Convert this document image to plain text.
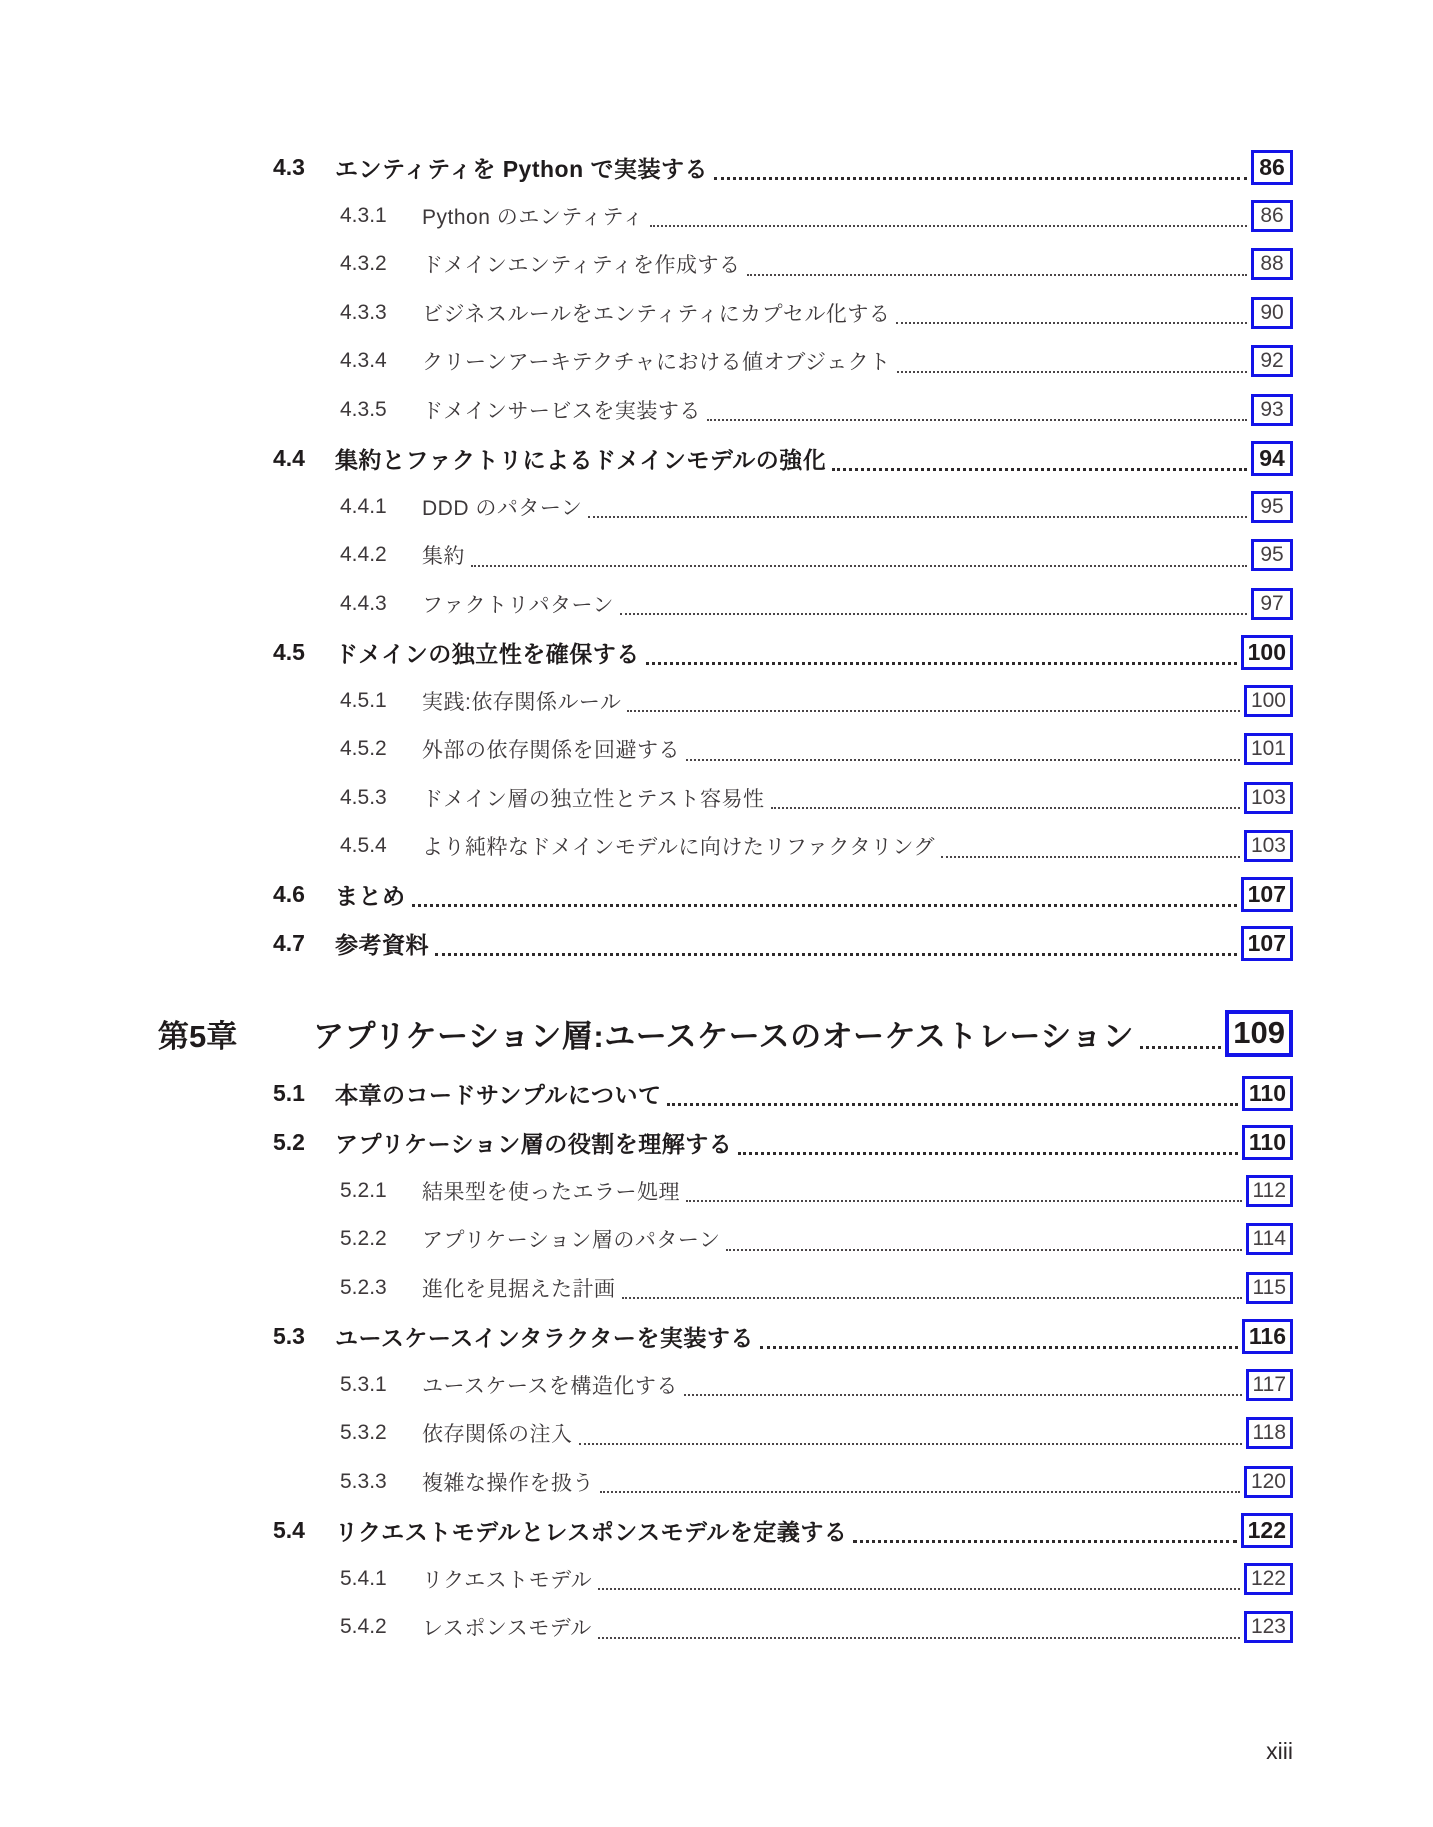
4.3	エンティティを Python で実装する	86
4.3.1	Python のエンティティ	86
4.3.2	ドメインエンティティを作成する	88
4.3.3	ビジネスルールをエンティティにカプセル化する	90
4.3.4	クリーンアーキテクチャにおける値オブジェクト	92
4.3.5	ドメインサービスを実装する	93
4.4	集約とファクトリによるドメインモデルの強化	94
4.4.1	DDD のパターン	95
4.4.2	集約	95
4.4.3	ファクトリパターン	97
4.5	ドメインの独立性を確保する	100
4.5.1	実践:依存関係ルール	100
4.5.2	外部の依存関係を回避する	101
4.5.3	ドメイン層の独立性とテスト容易性	103
4.5.4	より純粋なドメインモデルに向けたリファクタリング	103
4.6	まとめ	107
4.7	参考資料	107
第5章	アプリケーション層:ユースケースのオーケストレーション	109
5.1	本章のコードサンプルについて	110
5.2	アプリケーション層の役割を理解する	110
5.2.1	結果型を使ったエラー処理	112
5.2.2	アプリケーション層のパターン	114
5.2.3	進化を見据えた計画	115
5.3	ユースケースインタラクターを実装する	116
5.3.1	ユースケースを構造化する	117
5.3.2	依存関係の注入	118
5.3.3	複雑な操作を扱う	120
5.4	リクエストモデルとレスポンスモデルを定義する	122
5.4.1	リクエストモデル	122
5.4.2	レスポンスモデル	123
xiii
